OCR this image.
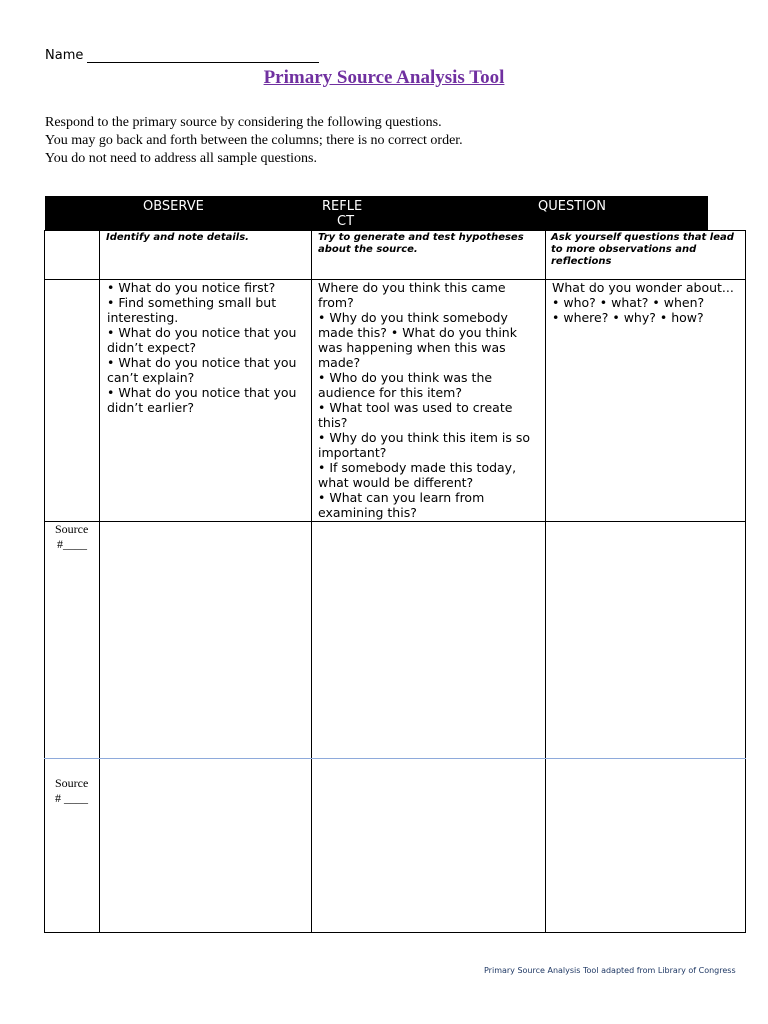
Name
Primary Source Analysis Tool
Respond to the primary source by considering the following questions.
You may go back and forth between the columns; there is no correct order.
You do not need to address all sample questions.
OBSERVE	REFLE
CT
QUESTION
Identify and note details.	Try to generate and test hypotheses about the source.
Ask yourself questions that lead to more observations and reflections
• What do you notice first?
• Find something small but interesting.
• What do you notice that you didn’t expect?
• What do you notice that you can’t explain?
• What do you notice that you didn’t earlier?
Where do you think this came from?
• Why do you think somebody made this? • What do you think was happening when this was made?
• Who do you think was the audience for this item?
• What tool was used to create this?
• Why do you think this item is so important?
• If somebody made this today, what would be different?
• What can you learn from examining this?
What do you wonder about...
• who? • what? • when?
• where? • why? • how?
Source
#____
Source
# ____
Primary Source Analysis Tool adapted from Library of Congress
